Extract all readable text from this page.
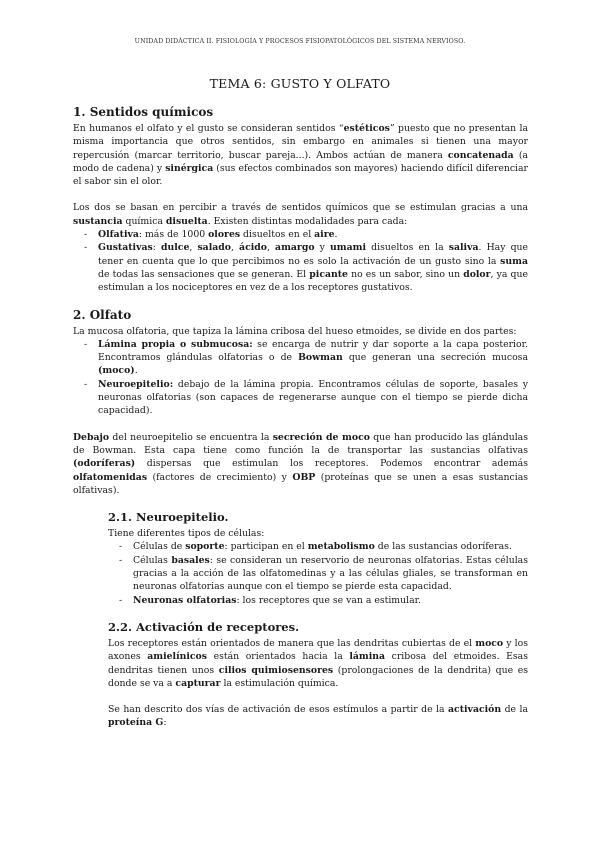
UNIDAD DIDÁCTICA II. FISIOLOGÍA Y PROCESOS FISIOPATOLÓGICOS DEL SISTEMA NERVIOSO.
TEMA 6: GUSTO Y OLFATO
1. Sentidos químicos

En humanos el olfato y el gusto se consideran sentidos “estéticos” puesto que no presentan la misma importancia que otros sentidos, sin embargo en animales si tienen una mayor repercusión (marcar territorio, buscar pareja...). Ambos actúan de manera concatenada (a modo de cadena) y sinérgica (sus efectos combinados son mayores) haciendo difícil diferenciar el sabor sin el olor.

Los dos se basan en percibir a través de sentidos químicos que se estimulan gracias a una sustancia química disuelta. Existen distintas modalidades para cada:

- Olfativa: más de 1000 olores disueltos en el aire.
- Gustativas: dulce, salado, ácido, amargo y umami disueltos en la saliva. Hay que tener en cuenta que lo que percibimos no es solo la activación de un gusto sino la suma de todas las sensaciones que se generan. El picante no es un sabor, sino un dolor, ya que estimulan a los nociceptores en vez de a los receptores gustativos.
2. Olfato

La mucosa olfatoria, que tapiza la lámina cribosa del hueso etmoides, se divide en dos partes:

- Lámina propia o submucosa: se encarga de nutrir y dar soporte a la capa posterior. Encontramos glándulas olfatorias o de Bowman que generan una secreción mucosa (moco).
- Neuroepitelio: debajo de la lámina propia. Encontramos células de soporte, basales y neuronas olfatorias (son capaces de regenerarse aunque con el tiempo se pierde dicha capacidad).

Debajo del neuroepitelio se encuentra la secreción de moco que han producido las glándulas de Bowman. Esta capa tiene como función la de transportar las sustancias olfativas (odoríferas) dispersas que estimulan los receptores. Podemos encontrar además olfatomenidas (factores de crecimiento) y OBP (proteínas que se unen a esas sustancias olfativas).

2.1. Neuroepitelio.

Tiene diferentes tipos de células:

- Células de soporte: participan en el metabolismo de las sustancias odoríferas.
- Células basales: se consideran un reservorio de neuronas olfatorias. Estas células gracias a la acción de las olfatomedinas y a las células gliales, se transforman en neuronas olfatorias aunque con el tiempo se pierde esta capacidad.
- Neuronas olfatorias: los receptores que se van a estimular.
2.2. Activación de receptores.

Los receptores están orientados de manera que las dendritas cubiertas de el moco y los axones amielínicos están orientados hacia la lámina cribosa del etmoides. Esas dendritas tienen unos cilios quimiosensores (prolongaciones de la dendrita) que es donde se va a capturar la estimulación química.

Se han descrito dos vías de activación de esos estímulos a partir de la activación de la proteína G:
